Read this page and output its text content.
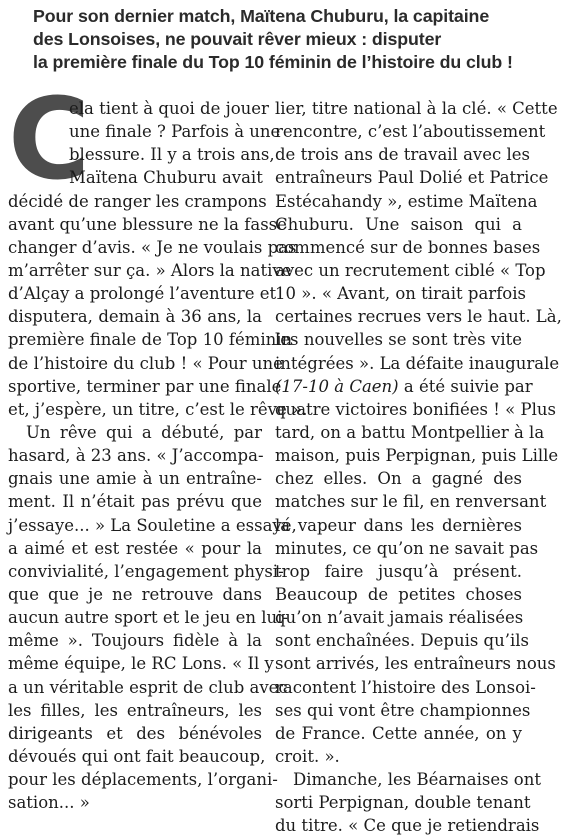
Pour son dernier match, Maïtena Chuburu, la capitaine
des Lonsoises, ne pouvait rêver mieux : disputer
la première finale du Top 10 féminin de l’histoire du club !
C
ela tient à quoi de jouer
une finale ? Parfois à une
blessure. Il y a trois ans,
Maïtena Chuburu avait
décidé de ranger les crampons
avant qu’une blessure ne la fasse
changer d’avis. « Je ne voulais pas
m’arrêter sur ça. » Alors la native
d’Alçay a prolongé l’aventure et
disputera, demain à 36 ans, la
première finale de Top 10 féminin
de l’histoire du club ! « Pour une
sportive, terminer par une finale
et, j’espère, un titre, c’est le rêve ».
Un rêve qui a débuté, par
hasard, à 23 ans. « J’accompa-
gnais une amie à un entraîne-
ment. Il n’était pas prévu que
j’essaye... » La Souletine a essayé,
a aimé et est restée « pour la
convivialité, l’engagement physi-
que que je ne retrouve dans
aucun autre sport et le jeu en lui-
même ». Toujours fidèle à la
même équipe, le RC Lons. « Il y
a un véritable esprit de club avec
les filles, les entraîneurs, les
dirigeants et des bénévoles
dévoués qui ont fait beaucoup,
pour les déplacements, l’organi-
sation... »
lier, titre national à la clé. « Cette
rencontre, c’est l’aboutissement
de trois ans de travail avec les
entraîneurs Paul Dolié et Patrice
Estécahandy », estime Maïtena
Chuburu. Une saison qui a
commencé sur de bonnes bases
avec un recrutement ciblé « Top
10 ». « Avant, on tirait parfois
certaines recrues vers le haut. Là,
les nouvelles se sont très vite
intégrées ». La défaite inaugurale
(17-10 à Caen) a été suivie par
quatre victoires bonifiées ! « Plus
tard, on a battu Montpellier à la
maison, puis Perpignan, puis Lille
chez elles. On a gagné des
matches sur le fil, en renversant
la vapeur dans les dernières
minutes, ce qu’on ne savait pas
trop faire jusqu’à présent.
Beaucoup de petites choses
qu’on n’avait jamais réalisées
sont enchaînées. Depuis qu’ils
sont arrivés, les entraîneurs nous
racontent l’histoire des Lonsoi-
ses qui vont être championnes
de France. Cette année, on y
croit. ».
Dimanche, les Béarnaises ont
sorti Perpignan, double tenant
du titre. « Ce que je retiendrais
